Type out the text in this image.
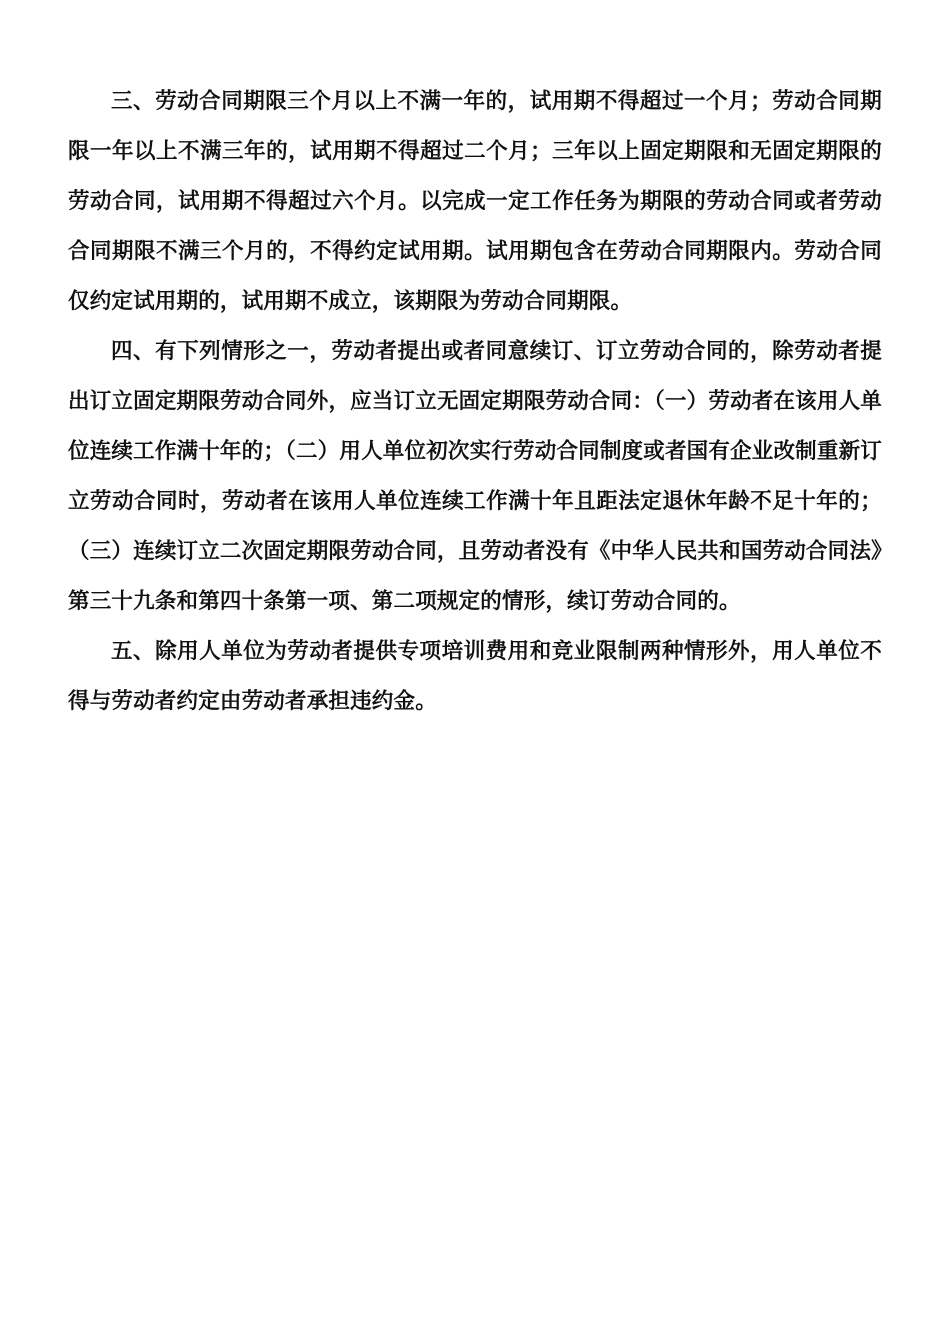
三、劳动合同期限三个月以上不满一年的，试用期不得超过一个月；劳动合同期限一年以上不满三年的，试用期不得超过二个月；三年以上固定期限和无固定期限的劳动合同，试用期不得超过六个月。以完成一定工作任务为期限的劳动合同或者劳动合同期限不满三个月的，不得约定试用期。试用期包含在劳动合同期限内。劳动合同仅约定试用期的，试用期不成立，该期限为劳动合同期限。

四、有下列情形之一，劳动者提出或者同意续订、订立劳动合同的，除劳动者提出订立固定期限劳动合同外，应当订立无固定期限劳动合同：（一）劳动者在该用人单位连续工作满十年的；（二）用人单位初次实行劳动合同制度或者国有企业改制重新订立劳动合同时，劳动者在该用人单位连续工作满十年且距法定退休年龄不足十年的；（三）连续订立二次固定期限劳动合同，且劳动者没有《中华人民共和国劳动合同法》第三十九条和第四十条第一项、第二项规定的情形，续订劳动合同的。

五、除用人单位为劳动者提供专项培训费用和竞业限制两种情形外，用人单位不得与劳动者约定由劳动者承担违约金。
